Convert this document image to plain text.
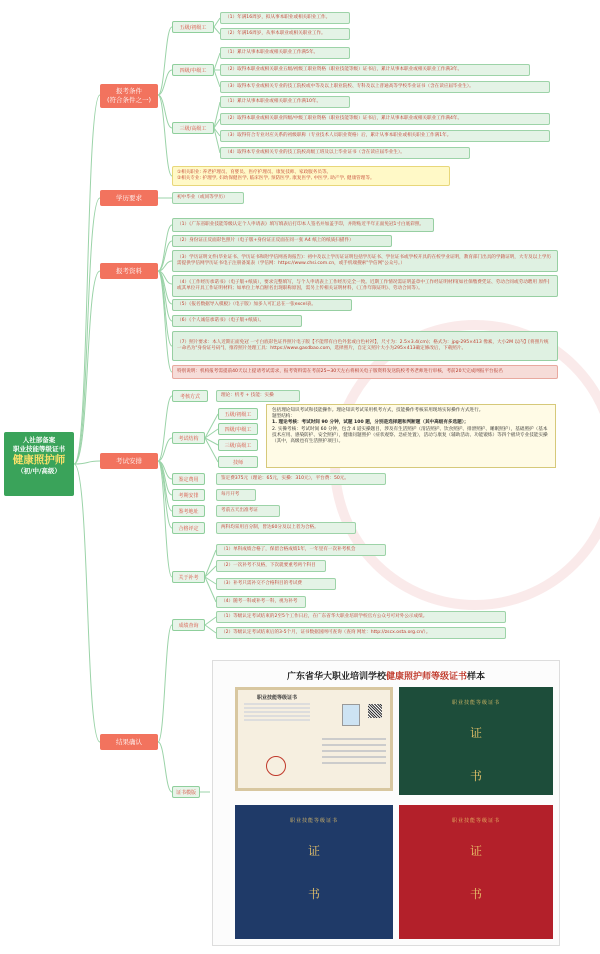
人社部备案
职业技能等级证书
健康照护师
（初/中/高级）
报考条件
(符合条件之一)
学历要求
报考资料
考试安排
结果确认
五级/初级工
四级/中级工
三级/高级工
（1）年满16周岁，拟从事本职业或相关职业工作。
（2）年满16周岁，从事本职业或相关职业工作。
（1）累计从事本职业或相关职业工作满5年。
（2）取得本职业或相关职业五级/初级工职业资格（职业技能等级）证书后，累计从事本职业或相关职业工作满3年。
（3）取得本专业或相关专业的技工院校或中等及以上职业院校、专科及以上普通高等学校毕业证书（含在读应届毕业生）。
（1）累计从事本职业或相关职业工作满10年。
（2）取得本职业或相关职业四级/中级工职业资格（职业技能等级）证书后，累计从事本职业或相关职业工作满4年。
（3）取得符合专业对应关系的初级职称（专业技术人员职业资格）后，累计从事本职业或相关职业工作满1年。
（4）取得本专业或相关专业的技工院校高级工班及以上毕业证书（含在读应届毕业生）。
①相关职业: 养老护理员、育婴员、医疗护理员、康复技师、家政服务员等。
②相关专业: 护理学, 妇幼保健医学, 临床医学, 预防医学, 康复医学, 中医学, 助产学, 健康管理等。
初中毕业（或同等学历）
（1）《广东省职业技能等级认定个人申请表》填写填表后打印本人签名并加盖手印，并附贴近半年正面免冠1寸白底彩照。
（2）身份证正反面彩色照片（电子版+身份证正反面在同一张 A4 纸上的纸质扫描件）
（3）学历证明文件(毕业证书、学历证书和附学信网查询报告)：初中及以上学历证证明包括学历证书、学位证书或学校开具的在校学业证明，教育部门出具的学籍证明，大专及以上学历需提供学信网学历证书电子注册备案表（学信网：https://www.chsi.com.cn，或手机端搜索"学信网"公众号。）
（4）《工作经历承诺书》（电子版+纸质），要求完整填写，与个人申请表上工作经历完全一致。近期工作情况需证明盖章中工作经证明材料[如社保缴费凭证、劳动合同或劳动聘用 原件]或其单位开具工作证明材料；如单位上单自断名出现职称原因，需另上传相关证明材料，《工作年限证明》、劳动合同等）。
（5）《报名数据导入模板》（电子版）加多人可汇总在一张excel表。
（6）《个人诚信承诺书》（电子版+纸质）。
（7）照片要求：本人近期正面免冠 一寸白底彩色证件照片电子版【不能带有白色外套或白色衬衫】，尺寸为：2.5×3.4(cm)；格式为：jpg-295×413 像素，大小2M 以内】[将照片统一命名为"身份证号码"]，推荐照片处理工具：https://www.gasdbao.com，选择照片，自定义照片大小为295×413确定修改后，下载照片。
特别说明：机构报考需提前40天以上提请考试需求，报考资料需在考前25~30天左右将相关电子版资料发送院校考务老师进行审核，考前20天完成网报平台报名
考核方式	理论：机考 + 技能：实操
考试结构
五级/初级工
四级/中级工
三级/高级工
技师
包括理论知识考试和技能操作。理论知识考试采用机考方式，技能操作考核采用现场实际操作方式进行。
题型结构：
1. 理论考核：考试时间 90 分钟，试题 100 题，分别是选择题和判断题（其中高级有多选题）；
2. 实操考核：考试时间 60 分钟，包含 4 道实操题目，涉及有生活照护（清洁照护、饮食照护、排泄照护、睡眠照护），基础照护（基本技术应用、感染防护、安全照护），健康问题照护（症状观察、急症处置），活动与康复（辅助活动、功能锻炼）等四个板块专业技能实操（其中，高级也有生活照护项目）。
鉴定费用	鉴定费375元（理论：65元，实操：310元），平台费：50元。
考期安排	每月开考
鉴考地址	考前五天出准考证
合格评定	两科均采用百分制，皆达60分及以上者为合格。
关于补考
（1）单科成绩合格了，保留合格成绩1年，一年里有一次补考机会
（2）一次补考不及格，下次就要重考两个科目
（3）补考只需补交不合格科目的考试费
（4）随考一科或补考一科，视为补考
成绩查询
（1）等级认定考试结束的2至5个工作日后，在广东省华大职业培训学校官方公众号可对外公示成绩。
（2）等级认定考试结束后的3-5个月，证书数据国网可查询（查询 网址：http://zscx.osta.org.cn/）。
证书模版
广东省华大职业培训学校健康照护师等级证书样本
职业技能等级证书
职业技能等级证书
证
书
职业技能等级证书
证
书
职业技能等级证书
证
书
